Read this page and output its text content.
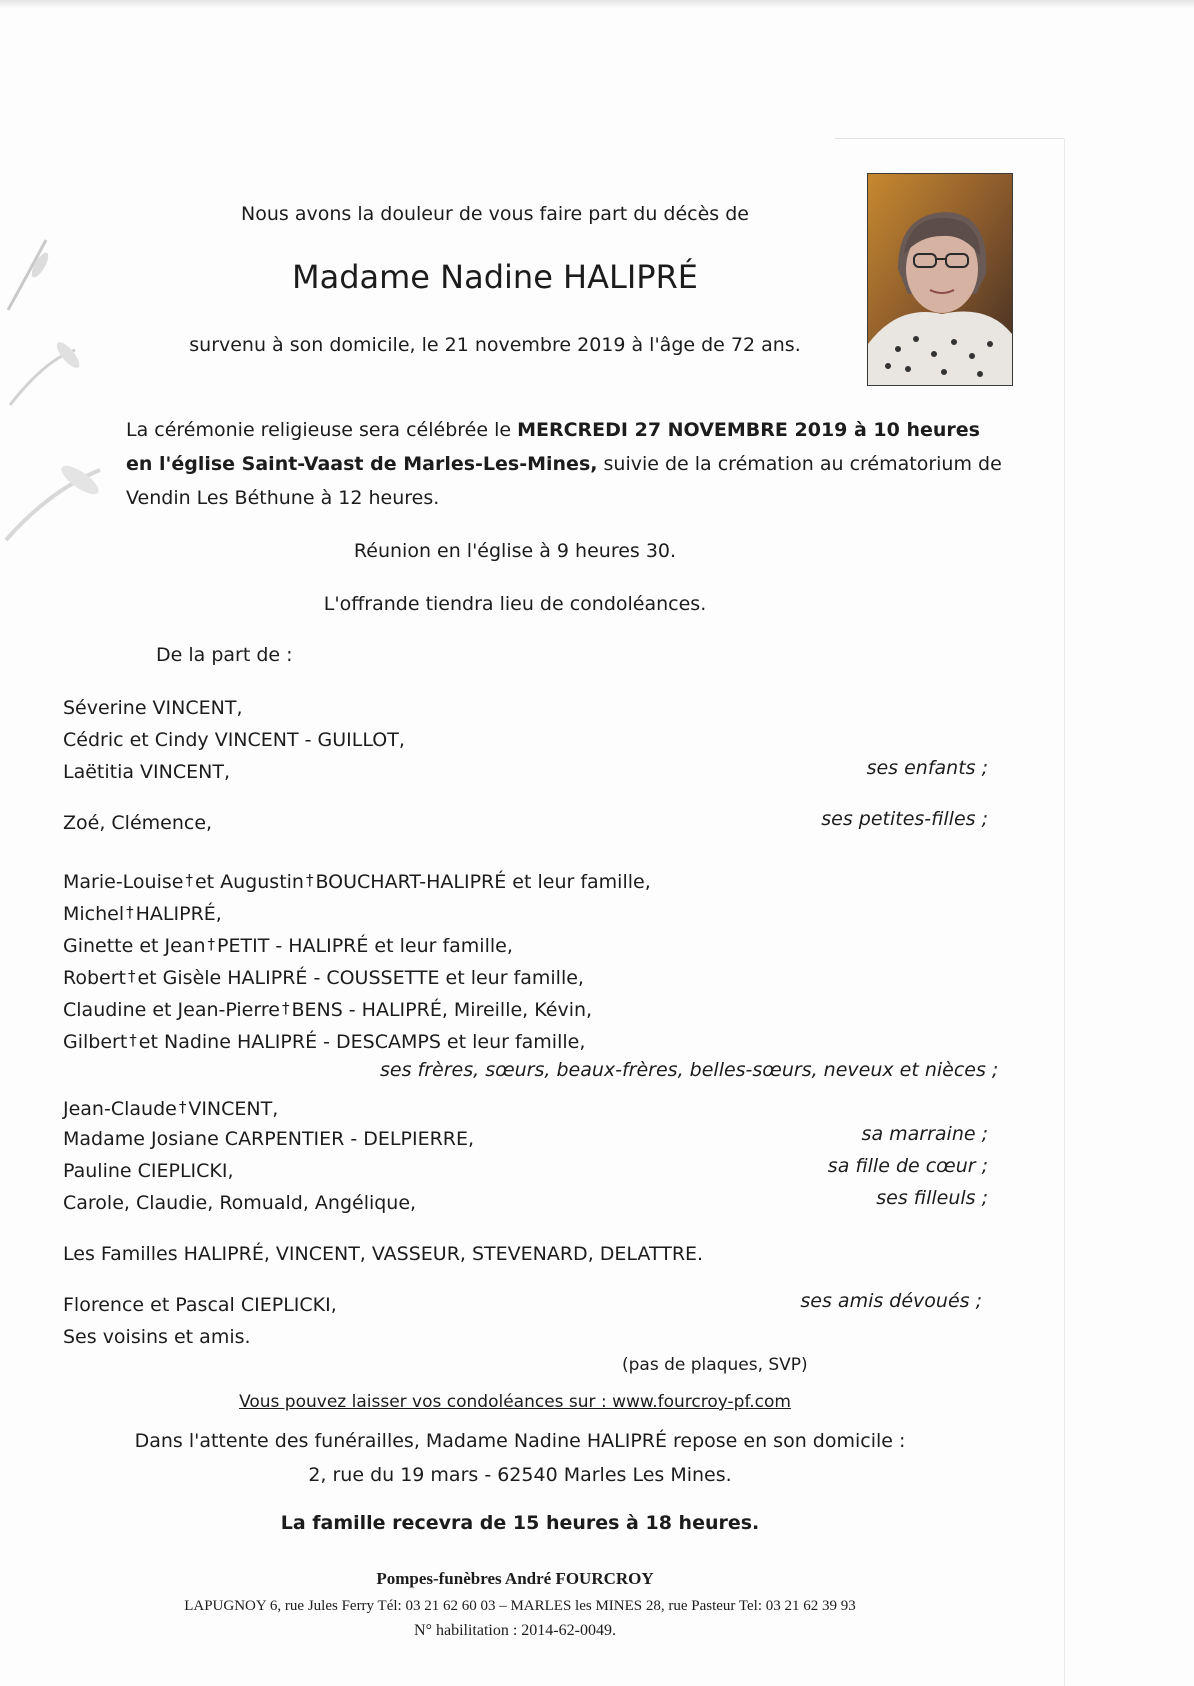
Nous avons la douleur de vous faire part du décès de
Madame Nadine HALIPRÉ
survenu à son domicile, le 21 novembre 2019 à l'âge de 72 ans.
La cérémonie religieuse sera célébrée le MERCREDI 27 NOVEMBRE 2019 à 10 heures
en l'église Saint-Vaast de Marles-Les-Mines, suivie de la crémation au crématorium de
Vendin Les Béthune à 12 heures.
Réunion en l'église à 9 heures 30.
L'offrande tiendra lieu de condoléances.
De la part de :
Séverine VINCENT,
Cédric et Cindy VINCENT - GUILLOT,
Laëtitia VINCENT,	ses enfants ;
Zoé, Clémence,	ses petites-filles ;
Marie-Louise † et Augustin † BOUCHART-HALIPRÉ et leur famille,
Michel † HALIPRÉ,
Ginette et Jean † PETIT - HALIPRÉ et leur famille,
Robert † et Gisèle HALIPRÉ - COUSSETTE et leur famille,
Claudine et Jean-Pierre † BENS - HALIPRÉ, Mireille, Kévin,
Gilbert † et Nadine HALIPRÉ - DESCAMPS et leur famille,
ses frères, sœurs, beaux-frères, belles-sœurs, neveux et nièces ;
Jean-Claude † VINCENT,
Madame Josiane CARPENTIER - DELPIERRE,	sa marraine ;
Pauline CIEPLICKI,	sa fille de cœur ;
Carole, Claudie, Romuald, Angélique,	ses filleuls ;
Les Familles HALIPRÉ, VINCENT, VASSEUR, STEVENARD, DELATTRE.
Florence et Pascal CIEPLICKI,	ses amis dévoués ;
Ses voisins et amis.
(pas de plaques, SVP)
Vous pouvez laisser vos condoléances sur : www.fourcroy-pf.com
Dans l'attente des funérailles, Madame Nadine HALIPRÉ repose en son domicile :
2, rue du 19 mars - 62540 Marles Les Mines.
La famille recevra de 15 heures à 18 heures.
Pompes-funèbres André FOURCROY
LAPUGNOY 6, rue Jules Ferry Tél: 03 21 62 60 03 – MARLES les MINES 28, rue Pasteur Tel: 03 21 62 39 93
N° habilitation : 2014-62-0049.
